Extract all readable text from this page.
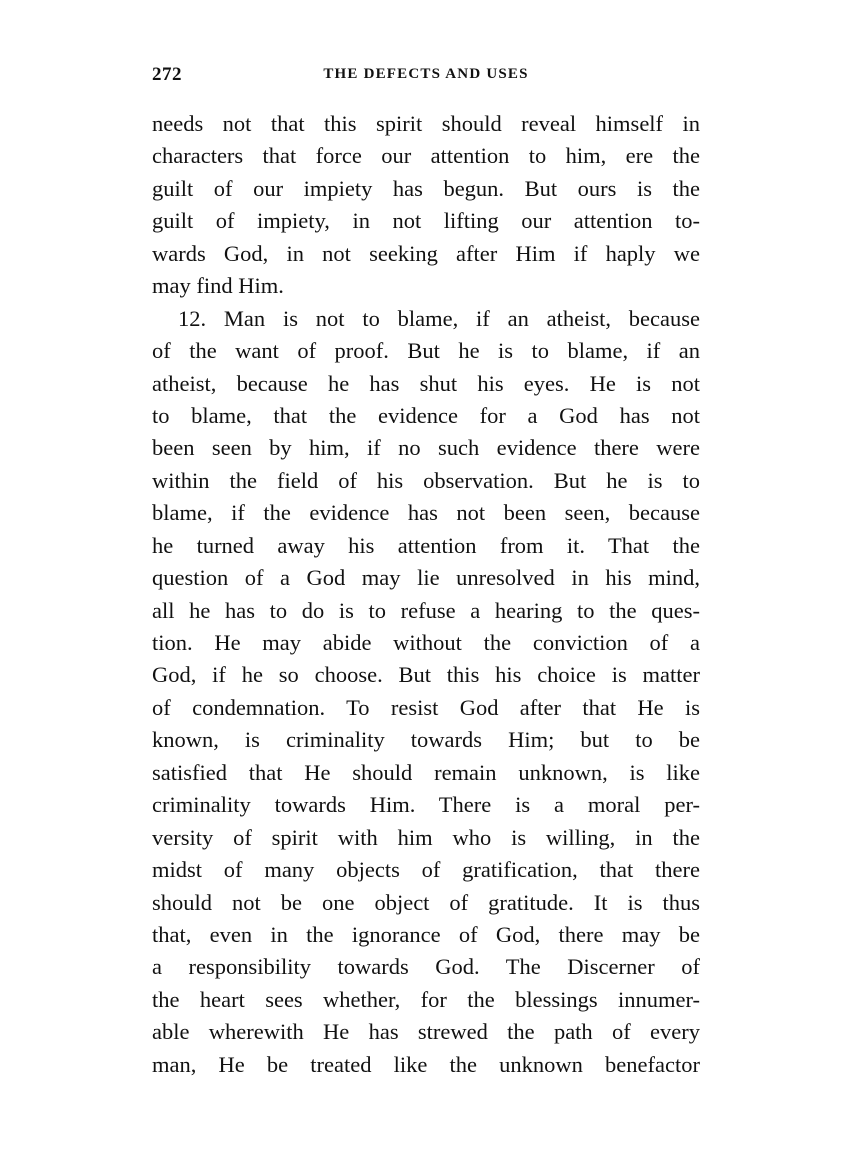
272	THE DEFECTS AND USES
needs not that this spirit should reveal himself in
characters that force our attention to him, ere the
guilt of our impiety has begun. But ours is the
guilt of impiety, in not lifting our attention to-
wards God, in not seeking after Him if haply we
may find Him.
12. Man is not to blame, if an atheist, because
of the want of proof. But he is to blame, if an
atheist, because he has shut his eyes. He is not
to blame, that the evidence for a God has not
been seen by him, if no such evidence there were
within the field of his observation. But he is to
blame, if the evidence has not been seen, because
he turned away his attention from it. That the
question of a God may lie unresolved in his mind,
all he has to do is to refuse a hearing to the ques-
tion. He may abide without the conviction of a
God, if he so choose. But this his choice is matter
of condemnation. To resist God after that He is
known, is criminality towards Him; but to be
satisfied that He should remain unknown, is like
criminality towards Him. There is a moral per-
versity of spirit with him who is willing, in the
midst of many objects of gratification, that there
should not be one object of gratitude. It is thus
that, even in the ignorance of God, there may be
a responsibility towards God. The Discerner of
the heart sees whether, for the blessings innumer-
able wherewith He has strewed the path of every
man, He be treated like the unknown benefactor
